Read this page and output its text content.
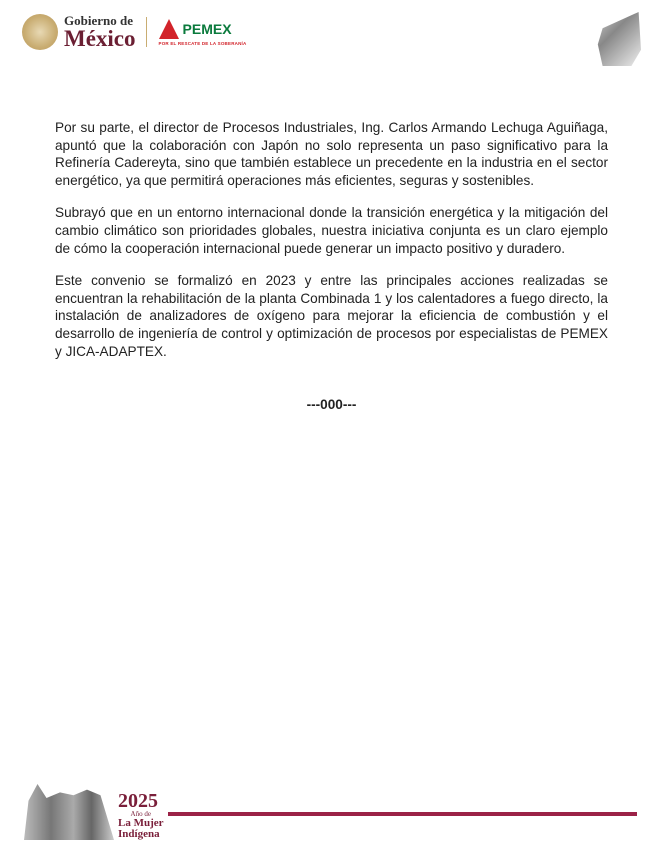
Gobierno de
México	PEMEX
POR EL RESCATE DE LA SOBERANÍA

Por su parte, el director de Procesos Industriales, Ing. Carlos Armando Lechuga Aguiñaga, apuntó que la colaboración con Japón no solo representa un paso significativo para la Refinería Cadereyta, sino que también establece un precedente en la industria en el sector energético, ya que permitirá operaciones más eficientes, seguras y sostenibles.

Subrayó que en un entorno internacional donde la transición energética y la mitigación del cambio climático son prioridades globales, nuestra iniciativa conjunta es un claro ejemplo de cómo la cooperación internacional puede generar un impacto positivo y duradero.

Este convenio se formalizó en 2023 y entre las principales acciones realizadas se encuentran la rehabilitación de la planta Combinada 1 y los calentadores a fuego directo, la instalación de analizadores de oxígeno para mejorar la eficiencia de combustión y el desarrollo de ingeniería de control y optimización de procesos por especialistas de PEMEX y JICA-ADAPTEX.

---000---
2025
Año de
La Mujer
Indígena
